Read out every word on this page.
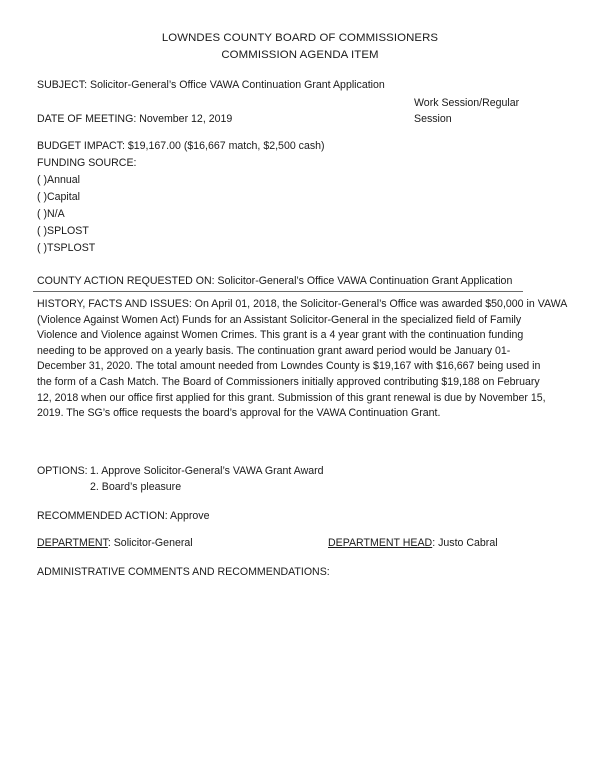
LOWNDES COUNTY BOARD OF COMMISSIONERS
COMMISSION AGENDA ITEM
SUBJECT: Solicitor-General’s Office VAWA Continuation Grant Application
Work Session/Regular
Session
DATE OF MEETING: November 12, 2019
BUDGET IMPACT: $19,167.00 ($16,667 match, $2,500 cash)
FUNDING SOURCE:
( )Annual
( )Capital
( )N/A
( )SPLOST
( )TSPLOST
COUNTY ACTION REQUESTED ON: Solicitor-General’s Office VAWA Continuation Grant Application
HISTORY, FACTS AND ISSUES: On April 01, 2018, the Solicitor-General’s Office was awarded $50,000 in VAWA
(Violence Against Women Act) Funds for an Assistant Solicitor-General in the specialized field of Family
Violence and Violence against Women Crimes. This grant is a 4 year grant with the continuation funding
needing to be approved on a yearly basis. The continuation grant award period would be January 01-
December 31, 2020. The total amount needed from Lowndes County is $19,167 with $16,667 being used in
the form of a Cash Match. The Board of Commissioners initially approved contributing $19,188 on February
12, 2018 when our office first applied for this grant. Submission of this grant renewal is due by November 15,
2019. The SG’s office requests the board’s approval for the VAWA Continuation Grant.
OPTIONS: 1. Approve Solicitor-General’s VAWA Grant Award
2. Board’s pleasure
RECOMMENDED ACTION: Approve
DEPARTMENT: Solicitor-General	DEPARTMENT HEAD: Justo Cabral
ADMINISTRATIVE COMMENTS AND RECOMMENDATIONS:
